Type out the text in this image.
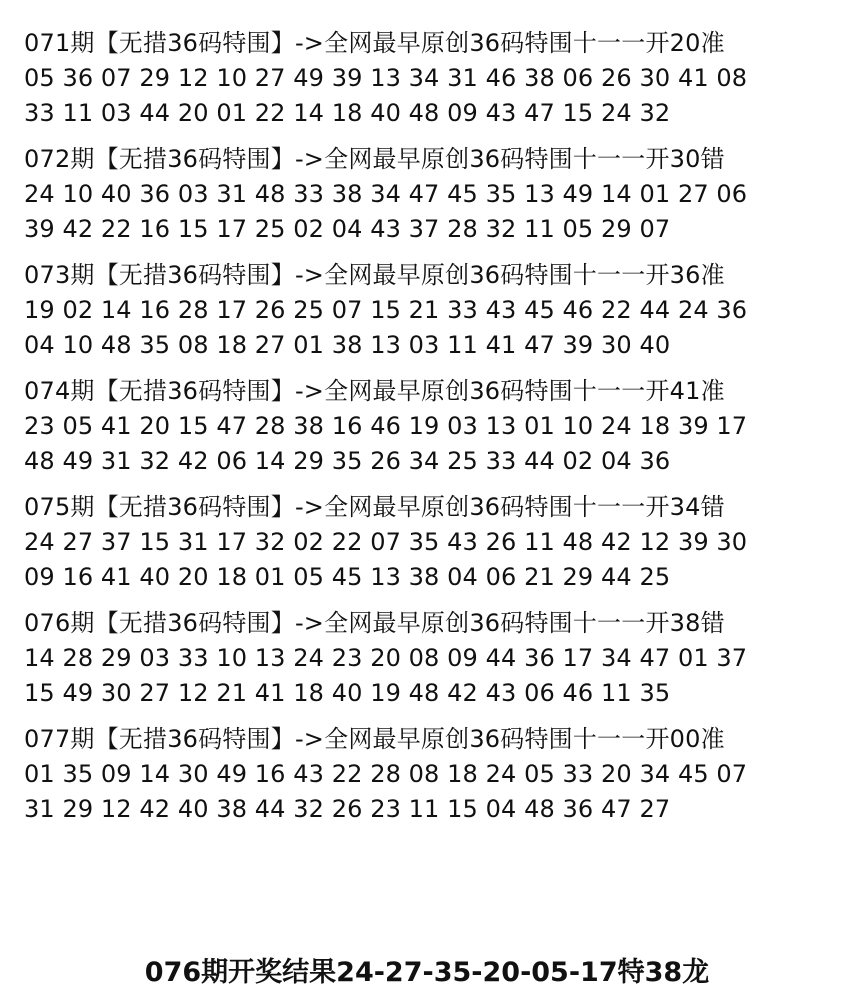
071期【无措36码特围】->全网最早原创36码特围十一一开20准
05 36 07 29 12 10 27 49 39 13 34 31 46 38 06 26 30 41 08
33 11 03 44 20 01 22 14 18 40 48 09 43 47 15 24 32
072期【无措36码特围】->全网最早原创36码特围十一一开30错
24 10 40 36 03 31 48 33 38 34 47 45 35 13 49 14 01 27 06
39 42 22 16 15 17 25 02 04 43 37 28 32 11 05 29 07
073期【无措36码特围】->全网最早原创36码特围十一一开36准
19 02 14 16 28 17 26 25 07 15 21 33 43 45 46 22 44 24 36
04 10 48 35 08 18 27 01 38 13 03 11 41 47 39 30 40
074期【无措36码特围】->全网最早原创36码特围十一一开41准
23 05 41 20 15 47 28 38 16 46 19 03 13 01 10 24 18 39 17
48 49 31 32 42 06 14 29 35 26 34 25 33 44 02 04 36
075期【无措36码特围】->全网最早原创36码特围十一一开34错
24 27 37 15 31 17 32 02 22 07 35 43 26 11 48 42 12 39 30
09 16 41 40 20 18 01 05 45 13 38 04 06 21 29 44 25
076期【无措36码特围】->全网最早原创36码特围十一一开38错
14 28 29 03 33 10 13 24 23 20 08 09 44 36 17 34 47 01 37
15 49 30 27 12 21 41 18 40 19 48 42 43 06 46 11 35
077期【无措36码特围】->全网最早原创36码特围十一一开00准
01 35 09 14 30 49 16 43 22 28 08 18 24 05 33 20 34 45 07
31 29 12 42 40 38 44 32 26 23 11 15 04 48 36 47 27
076期开奖结果24-27-35-20-05-17特38龙
